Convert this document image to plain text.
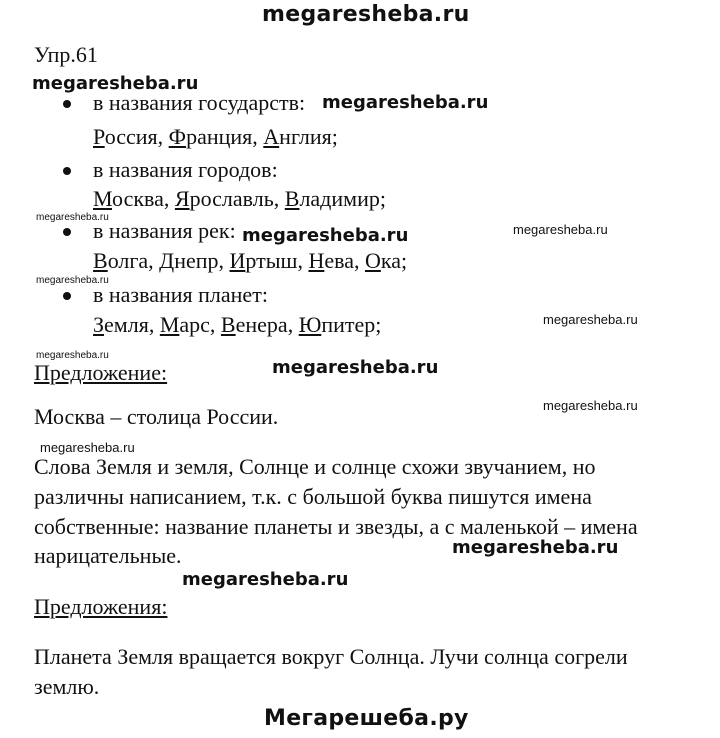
megaresheba.ru
megaresheba.ru
megaresheba.ru
megaresheba.ru
megaresheba.ru	megaresheba.ru
megaresheba.ru
megaresheba.ru
megaresheba.ru
megaresheba.ru
megaresheba.ru
megaresheba.ru
megaresheba.ru
megaresheba.ru
Мегарешеба.ру
Упр.61
в названия государств:
Россия, Франция, Англия;
в названия городов:
Москва, Ярославль, Владимир;
в названия рек:
Волга, Днепр, Иртыш, Нева, Ока;
в названия планет:
Земля, Марс, Венера, Юпитер;
Предложение:
Москва – столица России.
Слова Земля и земля, Солнце и солнце схожи звучанием, но
различны написанием, т.к. с большой буква пишутся имена
собственные: название планеты и звезды, а с маленькой – имена
нарицательные.
Предложения:
Планета Земля вращается вокруг Солнца. Лучи солнца согрели
землю.
